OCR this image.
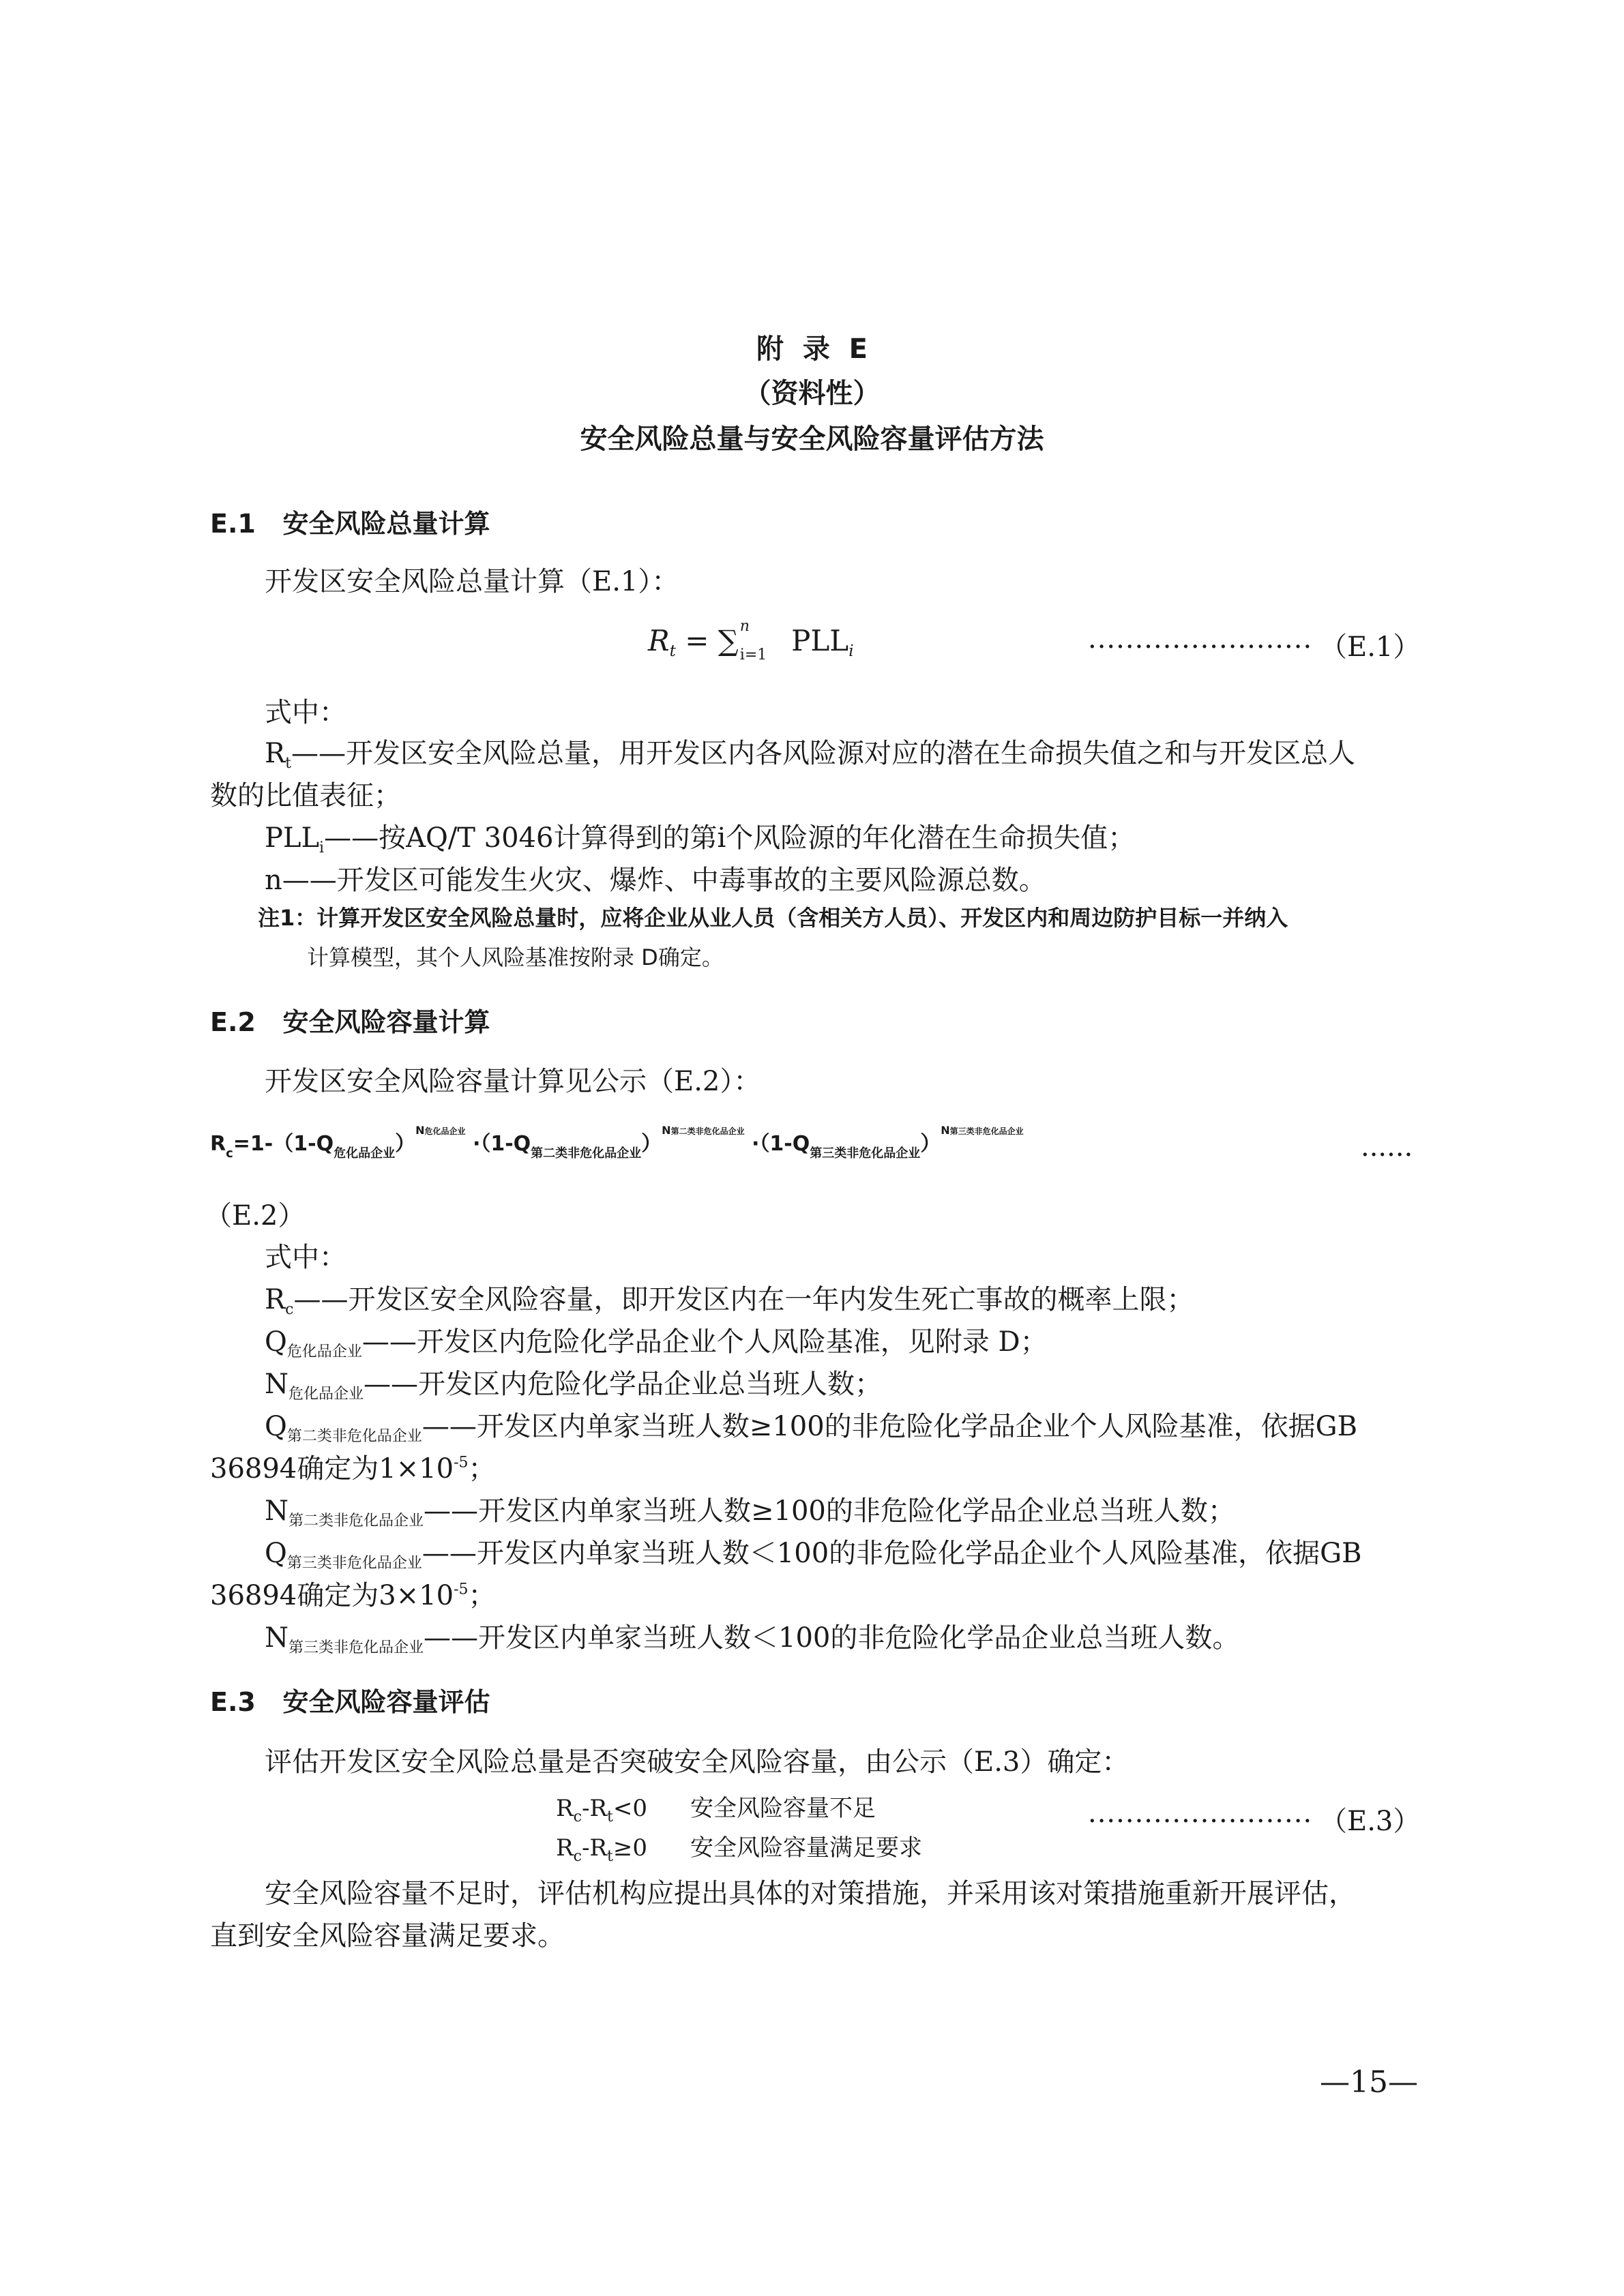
附  录  E
（资料性）
安全风险总量与安全风险容量评估方法
E.1   安全风险总量计算
开发区安全风险总量计算（E.1）：
$R_t$ = ∑ n
i=1 $PLL_i$	························ （E.1）
式中：
$R_t——$开发区安全风险总量，用开发区内各风险源对应的潜在生命损失值之和与开发区总人
数的比值表征；
$PLL_i——$按AQ/T 3046计算得到的第i个风险源的年化潜在生命损失值；
n——开发区可能发生火灾、爆炸、中毒事故的主要风险源总数。
注1：计算开发区安全风险总量时，应将企业从业人员（含相关方人员）、开发区内和周边防护目标一并纳入
计算模型，其个人风险基准按附录 D确定。
E.2   安全风险容量计算
开发区安全风险容量计算见公示（E.2）：
$R_c=1-(1-Q_{危化品企业})^{N危化品企业} \cdot(1-Q_{第二类非危化品企业})^{N第二类非危化品企业} \cdot(1-Q_{第三类非危化品企业})^{N第三类非危化品企业}$
······
（E.2）
式中：
$R_c——$开发区安全风险容量，即开发区内在一年内发生死亡事故的概率上限；
$Q_{危化品企业}——$开发区内危险化学品企业个人风险基准，见附录 D；
$N_{危化品企业}——$开发区内危险化学品企业总当班人数；
$Q_{第二类非危化品企业}——$开发区内单家当班人数≥100的非危险化学品企业个人风险基准，依据GB
36894确定为$1\times 10^{-5}$；
$N_{第二类非危化品企业}——$开发区内单家当班人数≥100的非危险化学品企业总当班人数；
$Q_{第三类非危化品企业}——$开发区内单家当班人数＜100的非危险化学品企业个人风险基准，依据GB
36894确定为$3\times 10^{-5}$；
$N_{第三类非危化品企业}——$开发区内单家当班人数＜100的非危险化学品企业总当班人数。
E.3   安全风险容量评估
评估开发区安全风险总量是否突破安全风险容量，由公示（E.3）确定：
$R_c-R_t<0$ 安全风险容量不足
$R_c-R_t\ge 0$ 安全风险容量满足要求
························ （E.3）
安全风险容量不足时，评估机构应提出具体的对策措施，并采用该对策措施重新开展评估，
直到安全风险容量满足要求。
—15—
